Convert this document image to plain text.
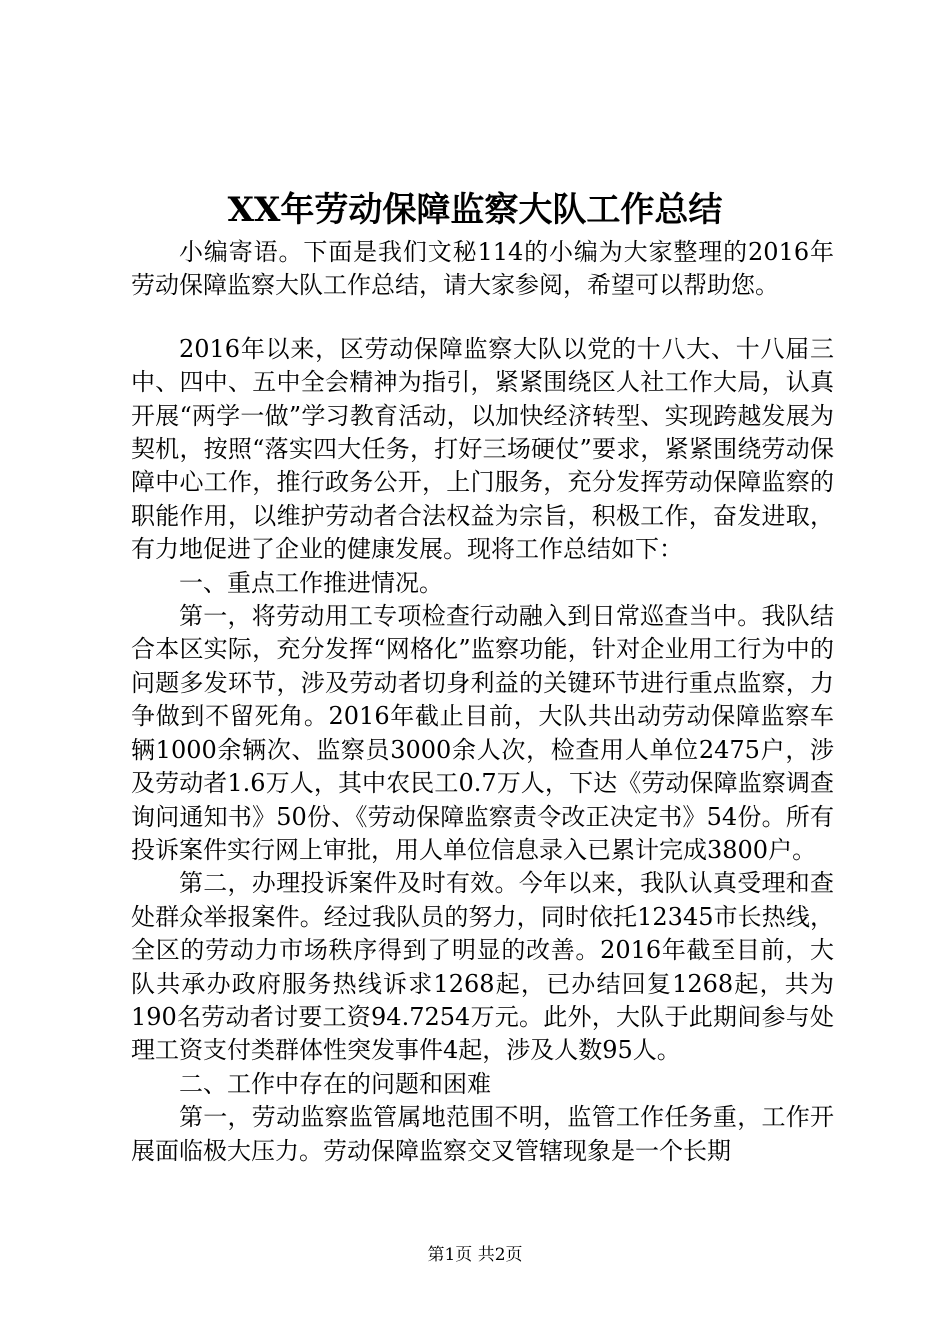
XX年劳动保障监察大队工作总结

小编寄语。下面是我们文秘114的小编为大家整理的2016年劳动保障监察大队工作总结，请大家参阅，希望可以帮助您。

2016年以来，区劳动保障监察大队以党的十八大、十八届三中、四中、五中全会精神为指引，紧紧围绕区人社工作大局，认真开展“两学一做”学习教育活动，以加快经济转型、实现跨越发展为契机，按照“落实四大任务，打好三场硬仗”要求，紧紧围绕劳动保障中心工作，推行政务公开，上门服务，充分发挥劳动保障监察的职能作用，以维护劳动者合法权益为宗旨，积极工作，奋发进取，有力地促进了企业的健康发展。现将工作总结如下：

一、重点工作推进情况。

第一，将劳动用工专项检查行动融入到日常巡查当中。我队结合本区实际，充分发挥“网格化”监察功能，针对企业用工行为中的问题多发环节，涉及劳动者切身利益的关键环节进行重点监察，力争做到不留死角。2016年截止目前，大队共出动劳动保障监察车辆1000余辆次、监察员3000余人次，检查用人单位2475户，涉及劳动者1.6万人，其中农民工0.7万人，下达《劳动保障监察调查询问通知书》50份、《劳动保障监察责令改正决定书》54份。所有投诉案件实行网上审批，用人单位信息录入已累计完成3800户。

第二，办理投诉案件及时有效。今年以来，我队认真受理和查处群众举报案件。经过我队员的努力，同时依托12345市长热线，全区的劳动力市场秩序得到了明显的改善。2016年截至目前，大队共承办政府服务热线诉求1268起，已办结回复1268起，共为190名劳动者讨要工资94.7254万元。此外，大队于此期间参与处理工资支付类群体性突发事件4起，涉及人数95人。

二、工作中存在的问题和困难

第一，劳动监察监管属地范围不明，监管工作任务重，工作开展面临极大压力。劳动保障监察交叉管辖现象是一个长期

第1页 共2页
